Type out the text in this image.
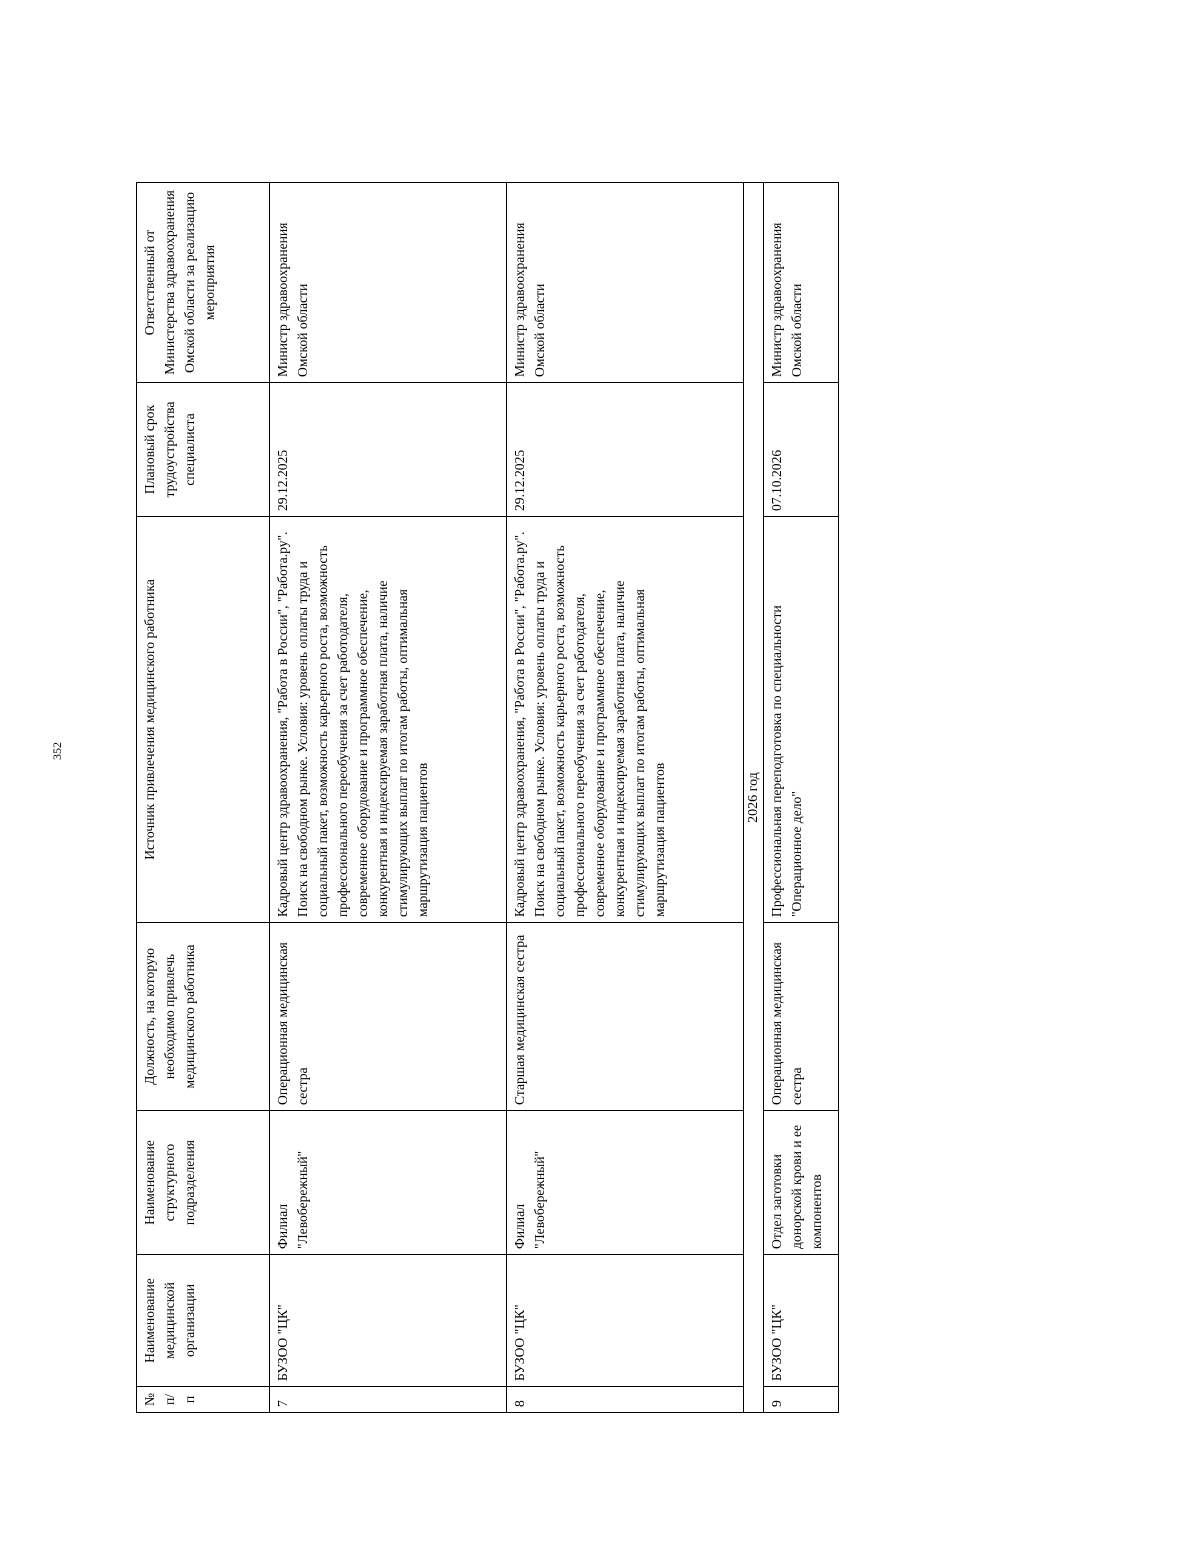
352
№ п/п	Наименование медицинской организации	Наименование структурного подразделения	Должность, на которую необходимо привлечь медицинского работника	Источник привлечения медицинского работника	Плановый срок трудоустройства специалиста	Ответственный от Министерства здравоохранения Омской области за реализацию мероприятия
7	БУЗОО "ЦК"	Филиал "Левобережный"	Операционная медицинская сестра	Кадровый центр здравоохранения, "Работа в России", "Работа.ру". Поиск на свободном рынке. Условия: уровень оплаты труда и социальный пакет, возможность карьерного роста, возможность профессионального переобучения за счет работодателя, современное оборудование и программное обеспечение, конкурентная и индексируемая заработная плата, наличие стимулирующих выплат по итогам работы, оптимальная маршрутизация пациентов	29.12.2025	Министр здравоохранения Омской области
8	БУЗОО "ЦК"	Филиал "Левобережный"	Старшая медицинская сестра	Кадровый центр здравоохранения, "Работа в России", "Работа.ру". Поиск на свободном рынке. Условия: уровень оплаты труда и социальный пакет, возможность карьерного роста, возможность профессионального переобучения за счет работодателя, современное оборудование и программное обеспечение, конкурентная и индексируемая заработная плата, наличие стимулирующих выплат по итогам работы, оптимальная маршрутизация пациентов	29.12.2025	Министр здравоохранения Омской области
2026 год						
9	БУЗОО "ЦК"	Отдел заготовки донорской крови и ее компонентов	Операционная медицинская сестра	Профессиональная переподготовка по специальности "Операционное дело"	07.10.2026	Министр здравоохранения Омской области
